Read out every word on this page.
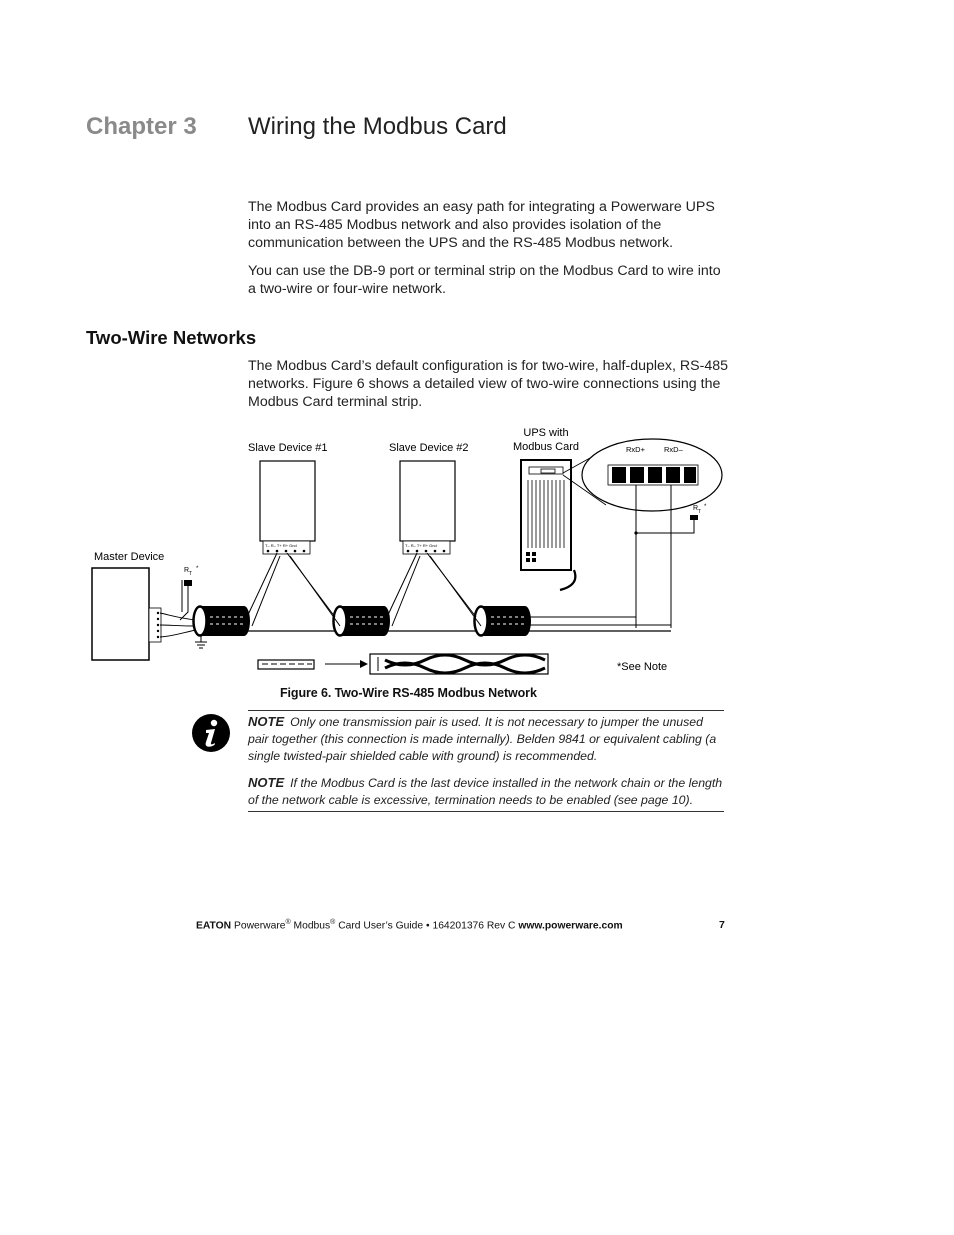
Chapter 3 Wiring the Modbus Card

The Modbus Card provides an easy path for integrating a Powerware UPS into an RS-485 Modbus network and also provides isolation of the communication between the UPS and the RS-485 Modbus network.

You can use the DB-9 port or terminal strip on the Modbus Card to wire into a two-wire or four-wire network.

Two-Wire Networks

The Modbus Card’s default configuration is for two-wire, half-duplex, RS-485 networks. Figure 6 shows a detailed view of two-wire connections using the Modbus Card terminal strip.

Slave Device #1	Slave Device #2
UPS with
Modbus Card
Master Device
*See Note
T– R– T+ R+ Gnd	T– R– T+ R+ Gnd
RxD+	RxD–
R T
*
R T
*
Figure 6. Two-Wire RS-485 Modbus Network
NOTE Only one transmission pair is used. It is not necessary to jumper the unused pair together (this connection is made internally). Belden 9841 or equivalent cabling (a single twisted-pair shielded cable with ground) is recommended.
NOTE If the Modbus Card is the last device installed in the network chain or the length of the network cable is excessive, termination needs to be enabled (see page 10).
EATON Powerware® Modbus® Card User’s Guide • 164201376 Rev C www.powerware.com	7
